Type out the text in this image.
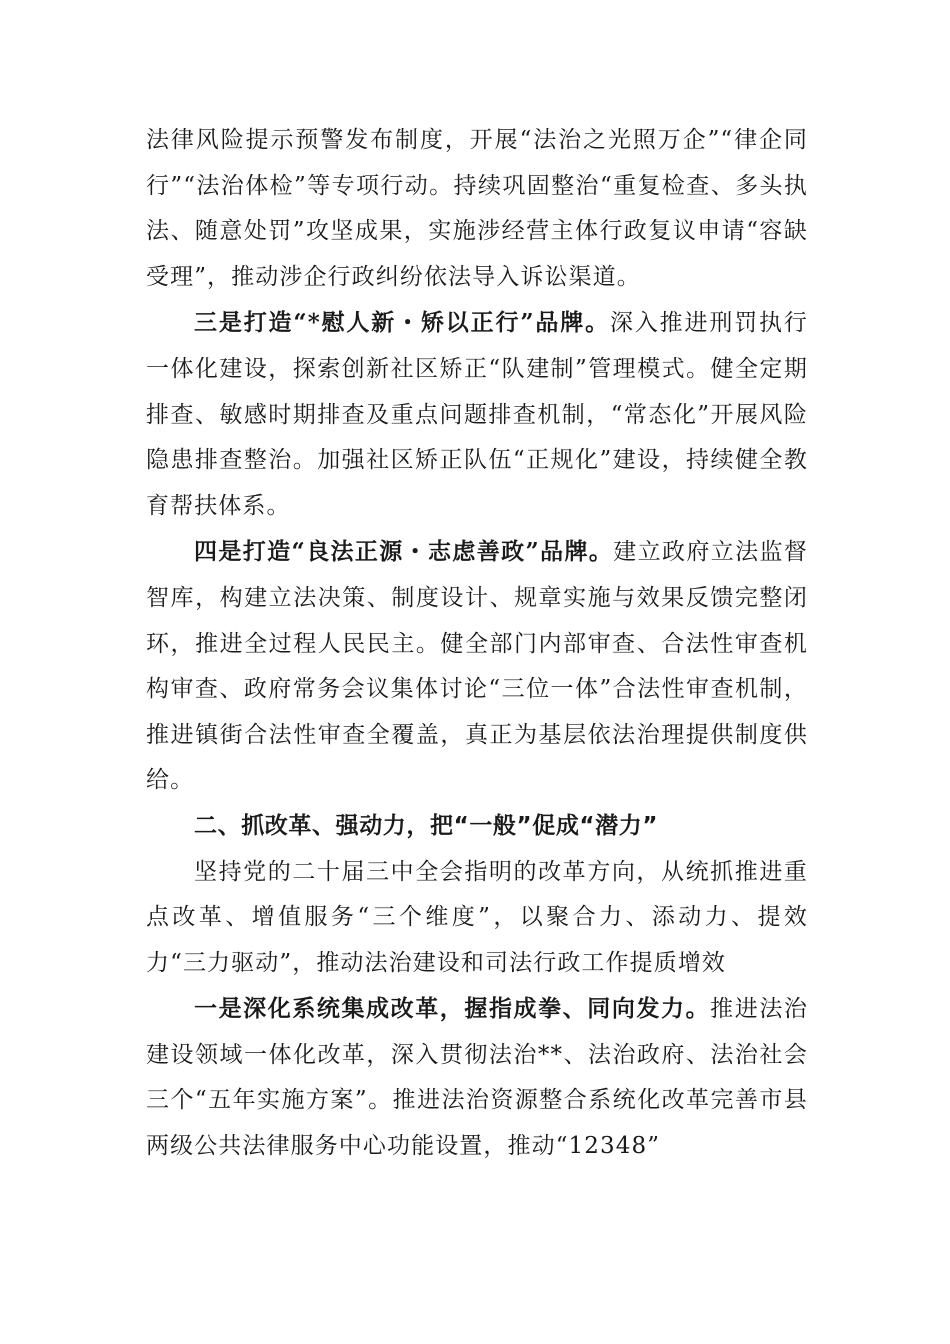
法律风险提示预警发布制度，开展“法治之光照万企”“律企同行”“法治体检”等专项行动。持续巩固整治“重复检查、多头执法、随意处罚”攻坚成果，实施涉经营主体行政复议申请“容缺受理”，推动涉企行政纠纷依法导入诉讼渠道。

三是打造“*慰人新・矫以正行”品牌。深入推进刑罚执行一体化建设，探索创新社区矫正“队建制”管理模式。健全定期排查、敏感时期排查及重点问题排查机制，“常态化”开展风险隐患排查整治。加强社区矫正队伍“正规化”建设，持续健全教育帮扶体系。

四是打造“良法正源・志虑善政”品牌。建立政府立法监督智库，构建立法决策、制度设计、规章实施与效果反馈完整闭环，推进全过程人民民主。健全部门内部审查、合法性审查机构审查、政府常务会议集体讨论“三位一体”合法性审查机制，推进镇街合法性审查全覆盖，真正为基层依法治理提供制度供给。

二、抓改革、强动力，把“一般”促成“潜力”

坚持党的二十届三中全会指明的改革方向，从统抓推进重点改革、增值服务“三个维度”，以聚合力、添动力、提效力“三力驱动”，推动法治建设和司法行政工作提质增效

一是深化系统集成改革，握指成拳、同向发力。推进法治建设领域一体化改革，深入贯彻法治**、法治政府、法治社会三个“五年实施方案”。推进法治资源整合系统化改革完善市县两级公共法律服务中心功能设置，推动“12348”
